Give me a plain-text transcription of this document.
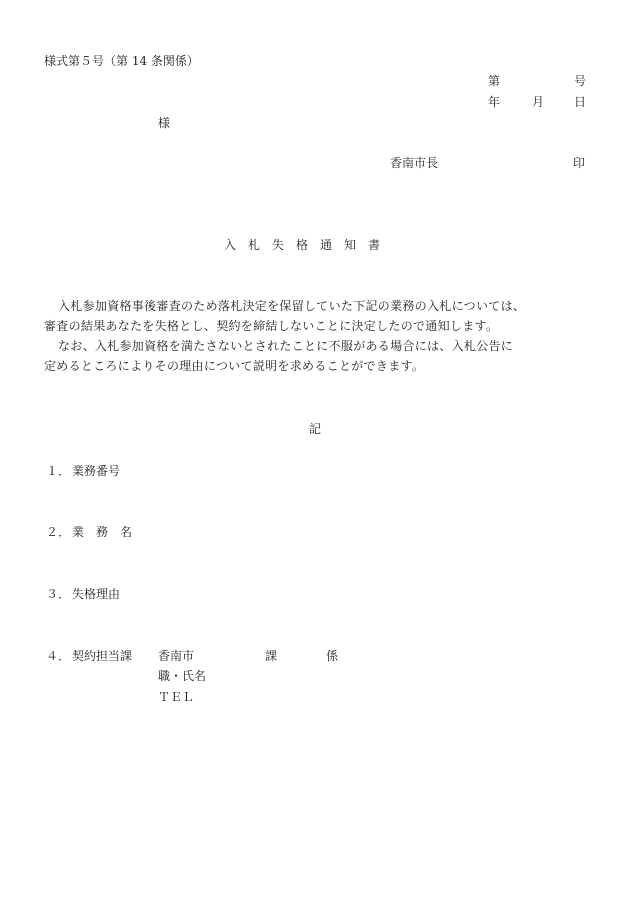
様式第５号（第 14 条関係）
第	号
年	月 日
様
香南市長	印
入　札　失　格　通　知　書

入札参加資格事後審査のため落札決定を保留していた下記の業務の入札については、

審査の結果あなたを失格とし、契約を締結しないことに決定したので通知します。

なお、入札参加資格を満たさないとされたことに不服がある場合には、入札公告に

定めるところによりその理由について説明を求めることができます。

記
１． 業務番号
２． 業　務　名
３． 失格理由
４． 契約担当課 香南市	課	係
職・氏名
ＴＥＬ
